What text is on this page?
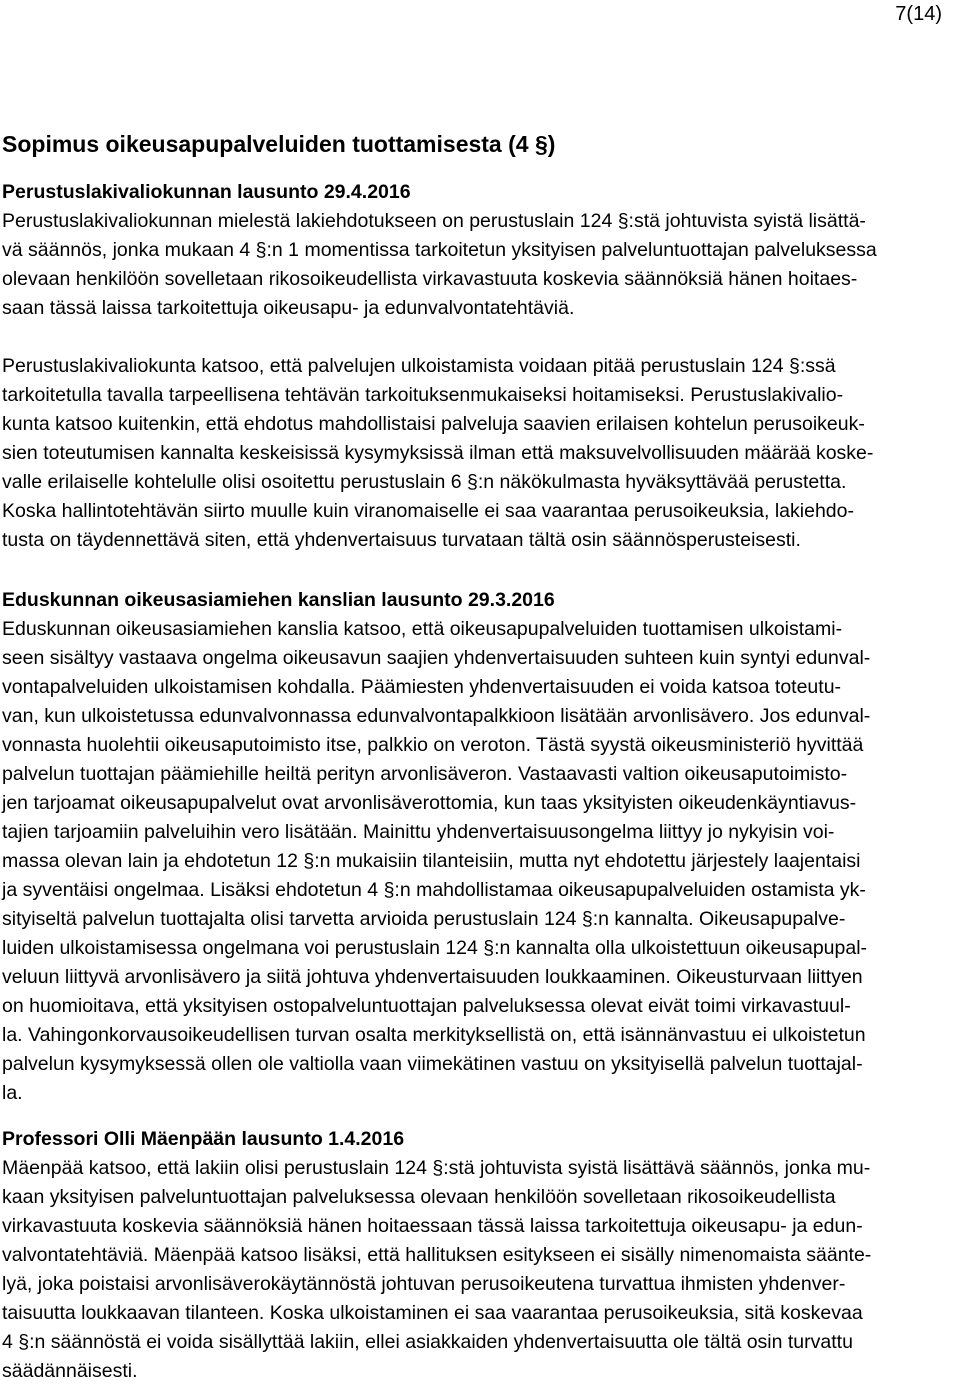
7(14)
Sopimus oikeusapupalveluiden tuottamisesta (4 §)

Perustuslakivaliokunnan lausunto 29.4.2016

Perustuslakivaliokunnan mielestä lakiehdotukseen on perustuslain 124 §:stä johtuvista syistä lisättä-
vä säännös, jonka mukaan 4 §:n 1 momentissa tarkoitetun yksityisen palveluntuottajan palveluksessa
olevaan henkilöön sovelletaan rikosoikeudellista virkavastuuta koskevia säännöksiä hänen hoitaes-
saan tässä laissa tarkoitettuja oikeusapu- ja edunvalvontatehtäviä.

Perustuslakivaliokunta katsoo, että palvelujen ulkoistamista voidaan pitää perustuslain 124 §:ssä
tarkoitetulla tavalla tarpeellisena tehtävän tarkoituksenmukaiseksi hoitamiseksi. Perustuslakivalio-
kunta katsoo kuitenkin, että ehdotus mahdollistaisi palveluja saavien erilaisen kohtelun perusoikeuk-
sien toteutumisen kannalta keskeisissä kysymyksissä ilman että maksuvelvollisuuden määrää koske-
valle erilaiselle kohtelulle olisi osoitettu perustuslain 6 §:n näkökulmasta hyväksyttävää perustetta.
Koska hallintotehtävän siirto muulle kuin viranomaiselle ei saa vaarantaa perusoikeuksia, lakiehdo-
tusta on täydennettävä siten, että yhdenvertaisuus turvataan tältä osin säännösperusteisesti.

Eduskunnan oikeusasiamiehen kanslian lausunto 29.3.2016

Eduskunnan oikeusasiamiehen kanslia katsoo, että oikeusapupalveluiden tuottamisen ulkoistami-
seen sisältyy vastaava ongelma oikeusavun saajien yhdenvertaisuuden suhteen kuin syntyi edunval-
vontapalveluiden ulkoistamisen kohdalla. Päämiesten yhdenvertaisuuden ei voida katsoa toteutu-
van, kun ulkoistetussa edunvalvonnassa edunvalvontapalkkioon lisätään arvonlisävero. Jos edunval-
vonnasta huolehtii oikeusaputoimisto itse, palkkio on veroton. Tästä syystä oikeusministeriö hyvittää
palvelun tuottajan päämiehille heiltä perityn arvonlisäveron. Vastaavasti valtion oikeusaputoimisto-
jen tarjoamat oikeusapupalvelut ovat arvonlisäverottomia, kun taas yksityisten oikeudenkäyntiavus-
tajien tarjoamiin palveluihin vero lisätään. Mainittu yhdenvertaisuusongelma liittyy jo nykyisin voi-
massa olevan lain ja ehdotetun 12 §:n mukaisiin tilanteisiin, mutta nyt ehdotettu järjestely laajentaisi
ja syventäisi ongelmaa. Lisäksi ehdotetun 4 §:n mahdollistamaa oikeusapupalveluiden ostamista yk-
sityiseltä palvelun tuottajalta olisi tarvetta arvioida perustuslain 124 §:n kannalta. Oikeusapupalve-
luiden ulkoistamisessa ongelmana voi perustuslain 124 §:n kannalta olla ulkoistettuun oikeusapupal-
veluun liittyvä arvonlisävero ja siitä johtuva yhdenvertaisuuden loukkaaminen. Oikeusturvaan liittyen
on huomioitava, että yksityisen ostopalveluntuottajan palveluksessa olevat eivät toimi virkavastuul-
la. Vahingonkorvausoikeudellisen turvan osalta merkityksellistä on, että isännänvastuu ei ulkoistetun
palvelun kysymyksessä ollen ole valtiolla vaan viimekätinen vastuu on yksityisellä palvelun tuottajal-
la.

Professori Olli Mäenpään lausunto 1.4.2016

Mäenpää katsoo, että lakiin olisi perustuslain 124 §:stä johtuvista syistä lisättävä säännös, jonka mu-
kaan yksityisen palveluntuottajan palveluksessa olevaan henkilöön sovelletaan rikosoikeudellista
virkavastuuta koskevia säännöksiä hänen hoitaessaan tässä laissa tarkoitettuja oikeusapu- ja edun-
valvontatehtäviä. Mäenpää katsoo lisäksi, että hallituksen esitykseen ei sisälly nimenomaista sääntе-
lyä, joka poistaisi arvonlisäverokäytännöstä johtuvan perusoikeutena turvattua ihmisten yhdenver-
taisuutta loukkaavan tilanteen. Koska ulkoistaminen ei saa vaarantaa perusoikeuksia, sitä koskevaa
4 §:n säännöstä ei voida sisällyttää lakiin, ellei asiakkaiden yhdenvertaisuutta ole tältä osin turvattu
säädännäisesti.
